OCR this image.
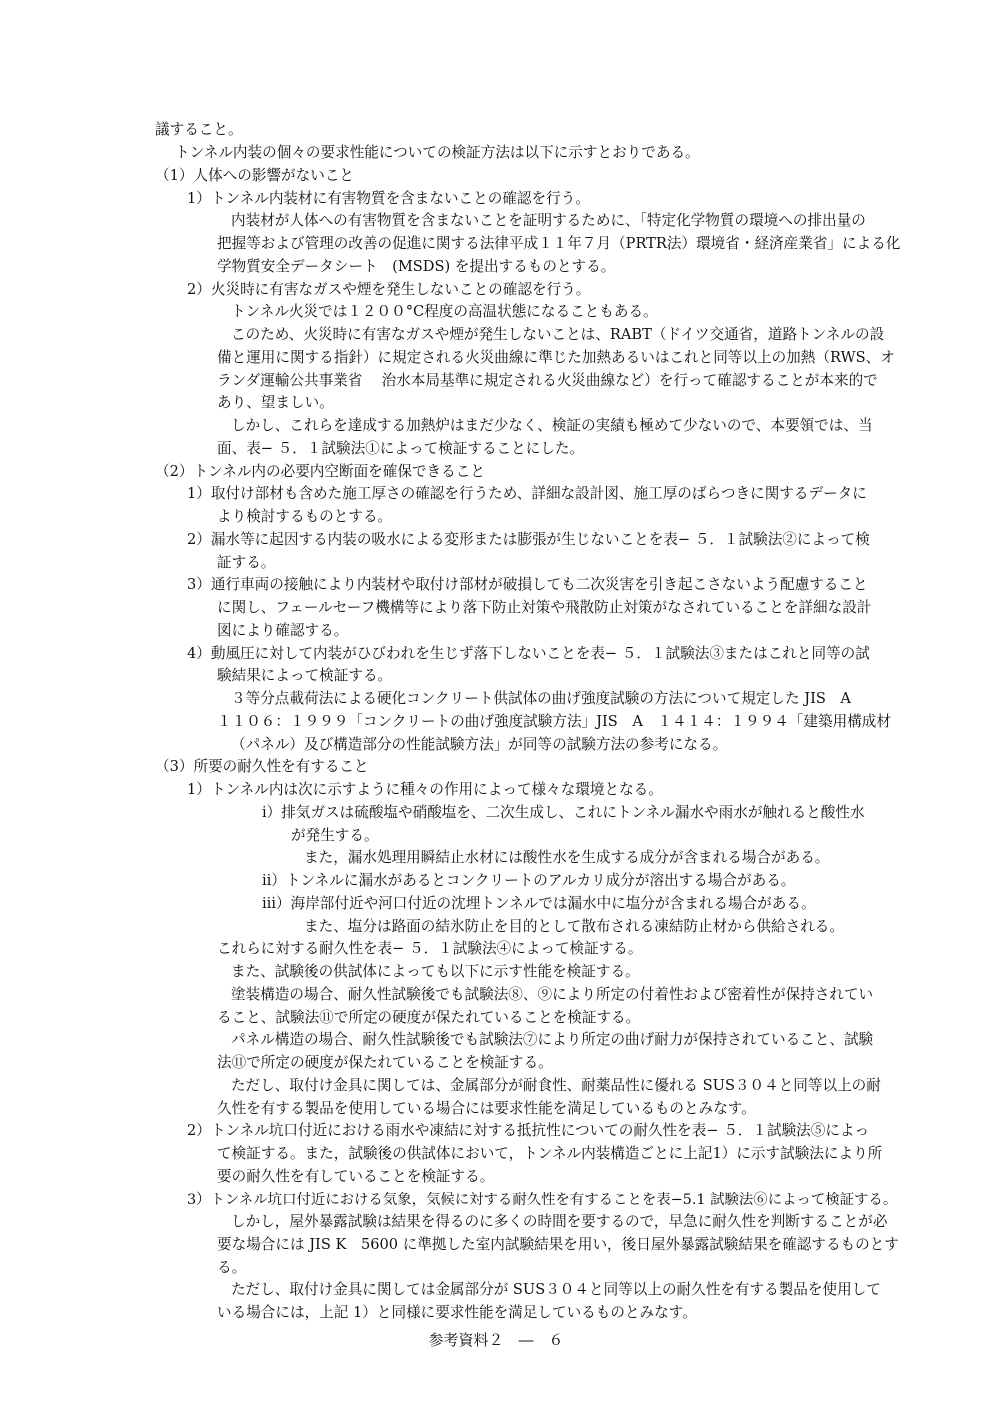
議すること。
トンネル内装の個々の要求性能についての検証方法は以下に示すとおりである。
（1）人体への影響がないこと
1）トンネル内装材に有害物質を含まないことの確認を行う。
内装材が人体への有害物質を含まないことを証明するために、「特定化学物質の環境への排出量の
把握等および管理の改善の促進に関する法律平成１１年７月（PRTR法）環境省・経済産業省」による化
学物質安全データシート　(MSDS) を提出するものとする。
2）火災時に有害なガスや煙を発生しないことの確認を行う。
トンネル火災では１２００°C程度の高温状態になることもある。
このため、火災時に有害なガスや煙が発生しないことは、RABT（ドイツ交通省，道路トンネルの設
備と運用に関する指針）に規定される火災曲線に準じた加熱あるいはこれと同等以上の加熱（RWS、オ
ランダ運輸公共事業省　 治水本局基準に規定される火災曲線など）を行って確認することが本来的で
あり、望ましい。
しかし、これらを達成する加熱炉はまだ少なく、検証の実績も極めて少ないので、本要領では、当
面、表− ５．１試験法①によって検証することにした。
（2）トンネル内の必要内空断面を確保できること
1）取付け部材も含めた施工厚さの確認を行うため、詳細な設計図、施工厚のばらつきに関するデータに
より検討するものとする。
2）漏水等に起因する内装の吸水による変形または膨張が生じないことを表− ５．１試験法②によって検
証する。
3）通行車両の接触により内装材や取付け部材が破損しても二次災害を引き起こさないよう配慮すること
に関し、フェールセーフ機構等により落下防止対策や飛散防止対策がなされていることを詳細な設計
図により確認する。
4）動風圧に対して内装がひびわれを生じず落下しないことを表− ５．１試験法③またはこれと同等の試
験結果によって検証する。
３等分点載荷法による硬化コンクリート供試体の曲げ強度試験の方法について規定した JIS　A
１１０６：１９９９「コンクリートの曲げ強度試験方法」JIS　A　１４１４：１９９４「建築用構成材
（パネル）及び構造部分の性能試験方法」が同等の試験方法の参考になる。
（3）所要の耐久性を有すること
1）トンネル内は次に示すように種々の作用によって様々な環境となる。
ⅰ）排気ガスは硫酸塩や硝酸塩を、二次生成し、これにトンネル漏水や雨水が触れると酸性水
が発生する。
また，漏水処理用瞬結止水材には酸性水を生成する成分が含まれる場合がある。
ⅱ）トンネルに漏水があるとコンクリートのアルカリ成分が溶出する場合がある。
ⅲ）海岸部付近や河口付近の沈埋トンネルでは漏水中に塩分が含まれる場合がある。
また、塩分は路面の結氷防止を目的として散布される凍結防止材から供給される。
これらに対する耐久性を表− ５．１試験法④によって検証する。
また、試験後の供試体によっても以下に示す性能を検証する。
塗装構造の場合、耐久性試験後でも試験法⑧、⑨により所定の付着性および密着性が保持されてい
ること、試験法⑪で所定の硬度が保たれていることを検証する。
パネル構造の場合、耐久性試験後でも試験法⑦により所定の曲げ耐力が保持されていること、試験
法⑪で所定の硬度が保たれていることを検証する。
ただし、取付け金具に関しては、金属部分が耐食性、耐薬品性に優れる SUS３０４と同等以上の耐
久性を有する製品を使用している場合には要求性能を満足しているものとみなす。
2）トンネル坑口付近における雨水や凍結に対する抵抗性についての耐久性を表− ５．１試験法⑤によっ
て検証する。また，試験後の供試体において，トンネル内装構造ごとに上記1）に示す試験法により所
要の耐久性を有していることを検証する。
3）トンネル坑口付近における気象，気候に対する耐久性を有することを表−5.1 試験法⑥によって検証する。
しかし，屋外暴露試験は結果を得るのに多くの時間を要するので，早急に耐久性を判断することが必
要な場合には JIS K　5600 に準拠した室内試験結果を用い，後日屋外暴露試験結果を確認するものとす
る。
ただし、取付け金具に関しては金属部分が SUS３０４と同等以上の耐久性を有する製品を使用して
いる場合には，上記 1）と同様に要求性能を満足しているものとみなす。
参考資料２　―　６
